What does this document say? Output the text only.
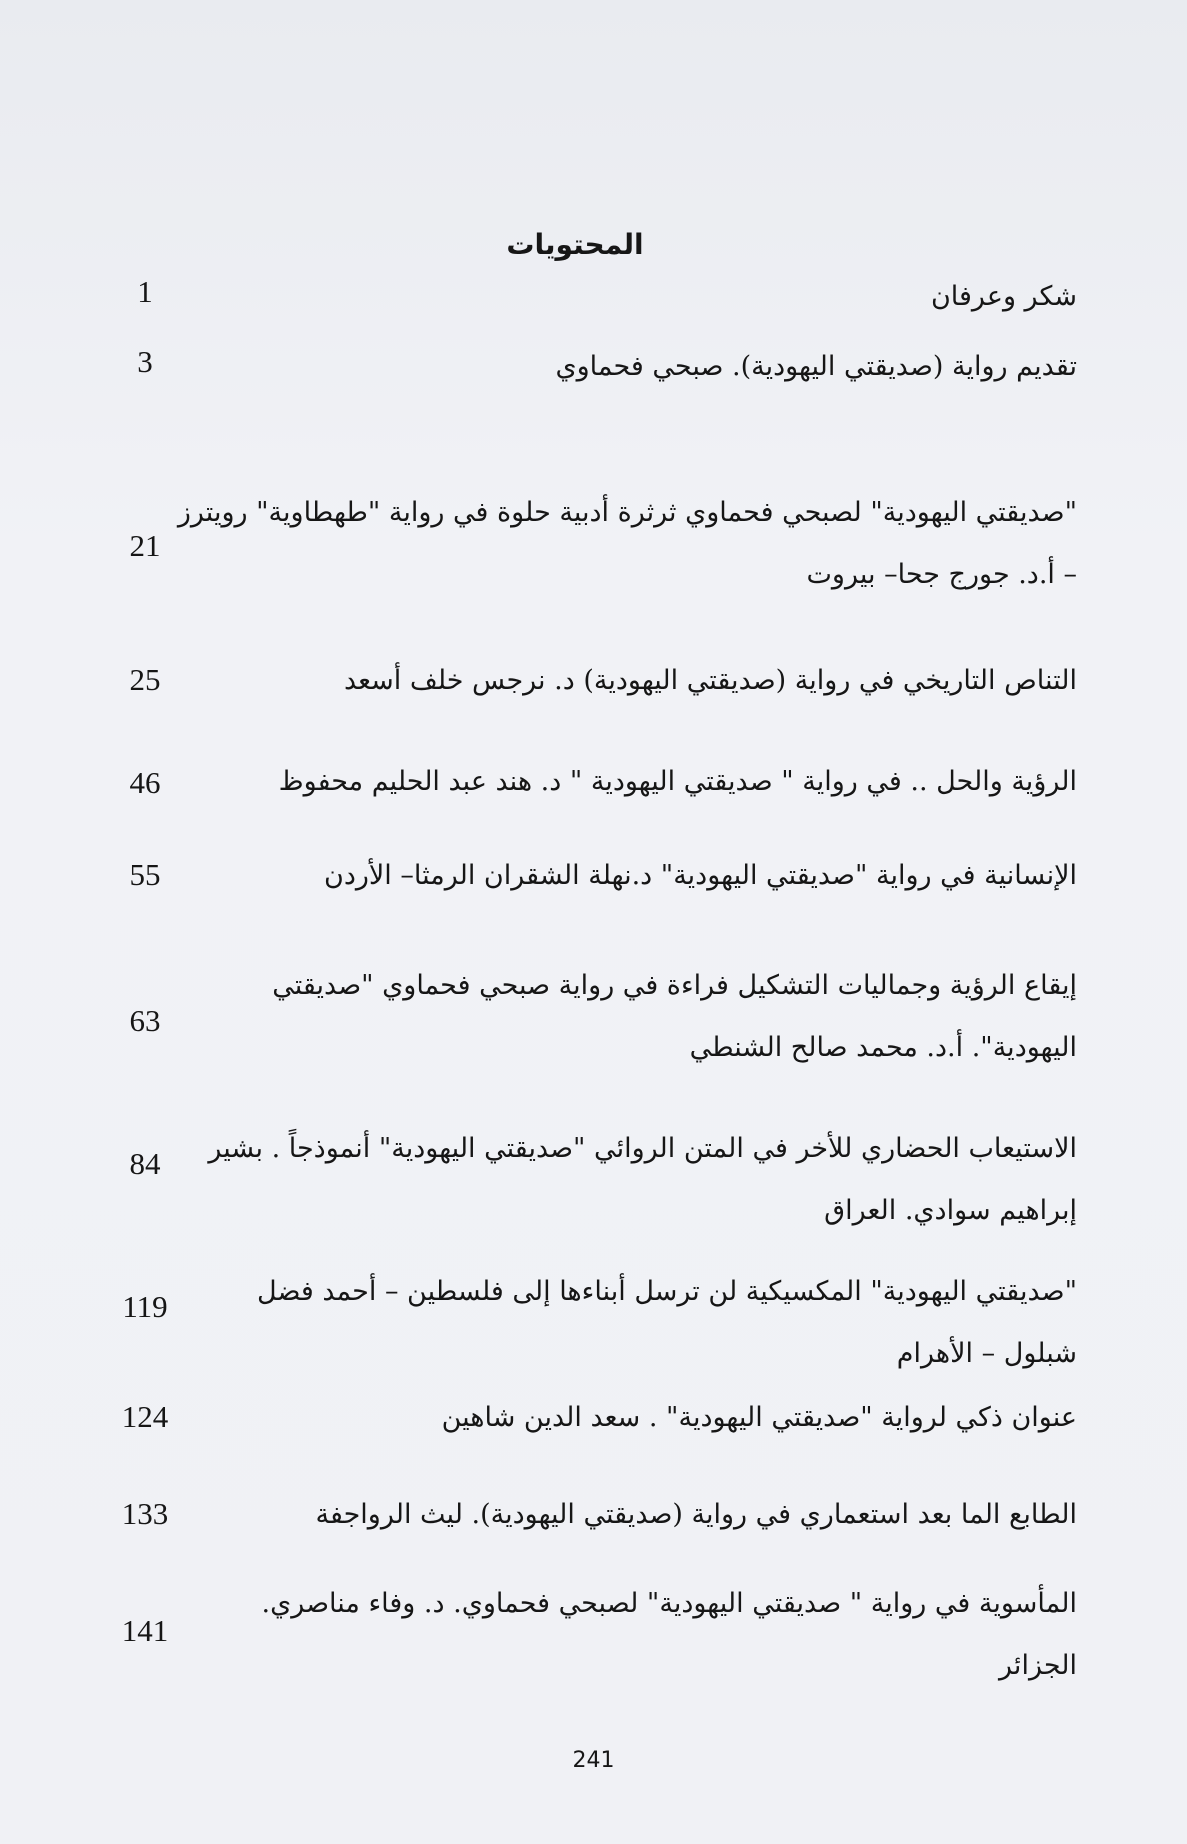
المحتويات
شكر وعرفان
1
تقديم رواية (صديقتي اليهودية). صبحي فحماوي
3
"صديقتي اليهودية" لصبحي فحماوي ثرثرة أدبية حلوة في رواية "طهطاوية" رويترز – أ.د. جورج جحا– بيروت
21
التناص التاريخي في رواية (صديقتي اليهودية) د. نرجس خلف أسعد
25
الرؤية والحل .. في رواية " صديقتي اليهودية " د. هند عبد الحليم محفوظ
46
الإنسانية في رواية "صديقتي اليهودية" د.نهلة الشقران الرمثا– الأردن
55
إيقاع الرؤية وجماليات التشكيل فراءة في رواية صبحي فحماوي "صديقتي اليهودية". أ.د. محمد صالح الشنطي
63
الاستيعاب الحضاري للأخر في المتن الروائي "صديقتي اليهودية" أنموذجاً . بشير إبراهيم سوادي. العراق
84
"صديقتي اليهودية" المكسيكية لن ترسل أبناءها إلى فلسطين – أحمد فضل شبلول – الأهرام
119
عنوان ذكي لرواية "صديقتي اليهودية" . سعد الدين شاهين
124
الطابع الما بعد استعماري في رواية (صديقتي اليهودية). ليث الرواجفة
133
المأسوية في رواية " صديقتي اليهودية" لصبحي فحماوي. د. وفاء مناصري. الجزائر
141
241
